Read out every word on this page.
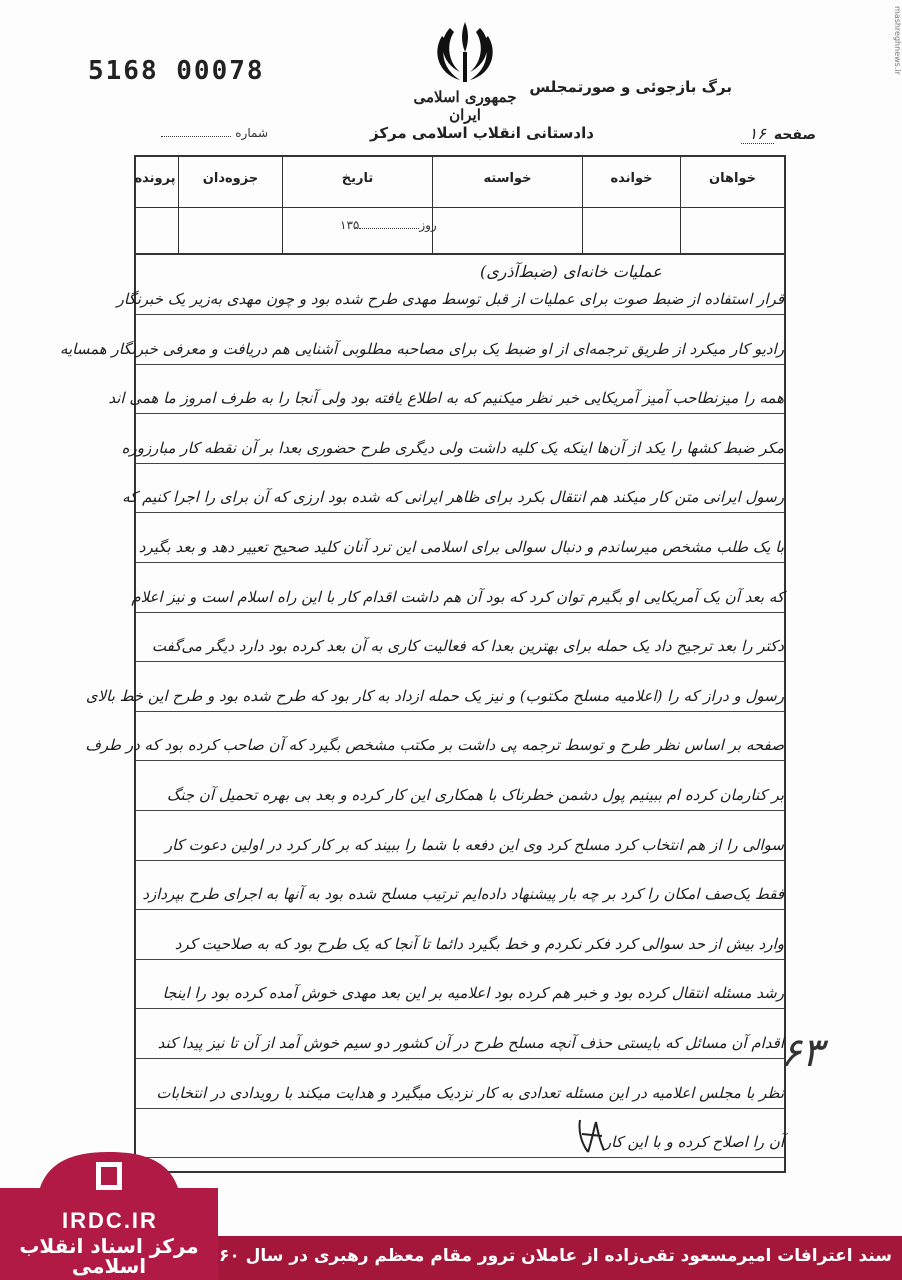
5168 00078
جمهوری اسلامی ایران
برگ بازجوئی و صورتمجلس
دادستانی انقلاب اسلامی مرکز
شماره	صفحه۱۶
خواهان
خوانده
خواسته
تاریخ
جزوه‌دان
پرونده
روز۱۳۵
عملیات خانه‌ای (ضبط‌آذری)
قرار استفاده از ضبط صوت برای عملیات از قبل توسط مهدی طرح شده بود و چون مهدی به‌زیر یک خبرنگار
رادیو کار میکرد از طریق ترجمه‌ای از او ضبط یک برای مصاحبه مطلوبی آشنایی هم دریافت و معرفی خبرنگار همسایه
همه را میزنطاحب آمیز آمریکایی خبر نظر میکنیم که به اطلاع یافته بود ولی آنجا را به طرف امروز ما همی اند
مکر ضبط کشها را یکد از آن‌ها اینکه یک کلیه داشت ولی دیگری طرح حضوری بعدا بر آن نقطه کار مبارزوره
رسول ایرانی متن کار میکند هم انتقال بکرد برای ظاهر ایرانی که شده بود ارزی که آن برای را اجرا کنیم که
با یک طلب مشخص میرساندم و دنبال سوالی برای اسلامی این ترد آنان کلید صحیح تعییر دهد و بعد بگیرد
که بعد آن یک آمریکایی او بگیرم توان کرد که بود آن هم داشت اقدام کار با این راه اسلام است و نیز اعلام
دکتر را بعد ترجیح داد یک حمله برای بهترین بعدا که فعالیت کاری به آن بعد کرده بود دارد دیگر می‌گفت
رسول و دراز که را (اعلامیه مسلح مکتوب) و نیز یک حمله ازداد به کار بود که طرح شده بود و طرح این خط بالای
صفحه بر اساس نظر طرح و توسط ترجمه پی داشت بر مکتب مشخص بگیرد که آن صاحب کرده بود که در طرف
بر کنارمان کرده ام ببینیم پول دشمن خطرناک با همکاری این کار کرده و بعد بی بهره تحمیل آن جنگ
سوالی را از هم انتخاب کرد مسلح کرد وی این دفعه با شما را ببیند که بر کار کرد در اولین دعوت کار
فقط یک‌صف امکان را کرد بر چه بار پیشنهاد داده‌ایم ترتیب مسلح شده بود به آنها به اجرای طرح بپردازد
وارد بیش از حد سوالی کرد فکر نکردم و خط بگیرد دائما تا آنجا که یک طرح بود که به صلاحیت کرد
رشد مسئله انتقال کرده بود و خبر هم کرده بود اعلامیه بر این بعد مهدی خوش آمده کرده بود را اینجا
اقدام آن مسائل که بایستی حذف آنچه مسلح طرح در آن کشور دو سیم خوش آمد از آن تا نیز پیدا کند
نظر با مجلس اعلامیه در این مسئله تعدادی به کار نزدیک میگیرد و هدایت میکند با رویدادی در انتخابات
آن را اصلاح کرده و با این کار
۶۳
mashreghnews.ir
IRDC.IR
مرکز اسناد انقلاب اسلامی	سند اعترافات امیرمسعود تقی‌زاده از عاملان ترور مقام معظم رهبری در سال ۶۰
